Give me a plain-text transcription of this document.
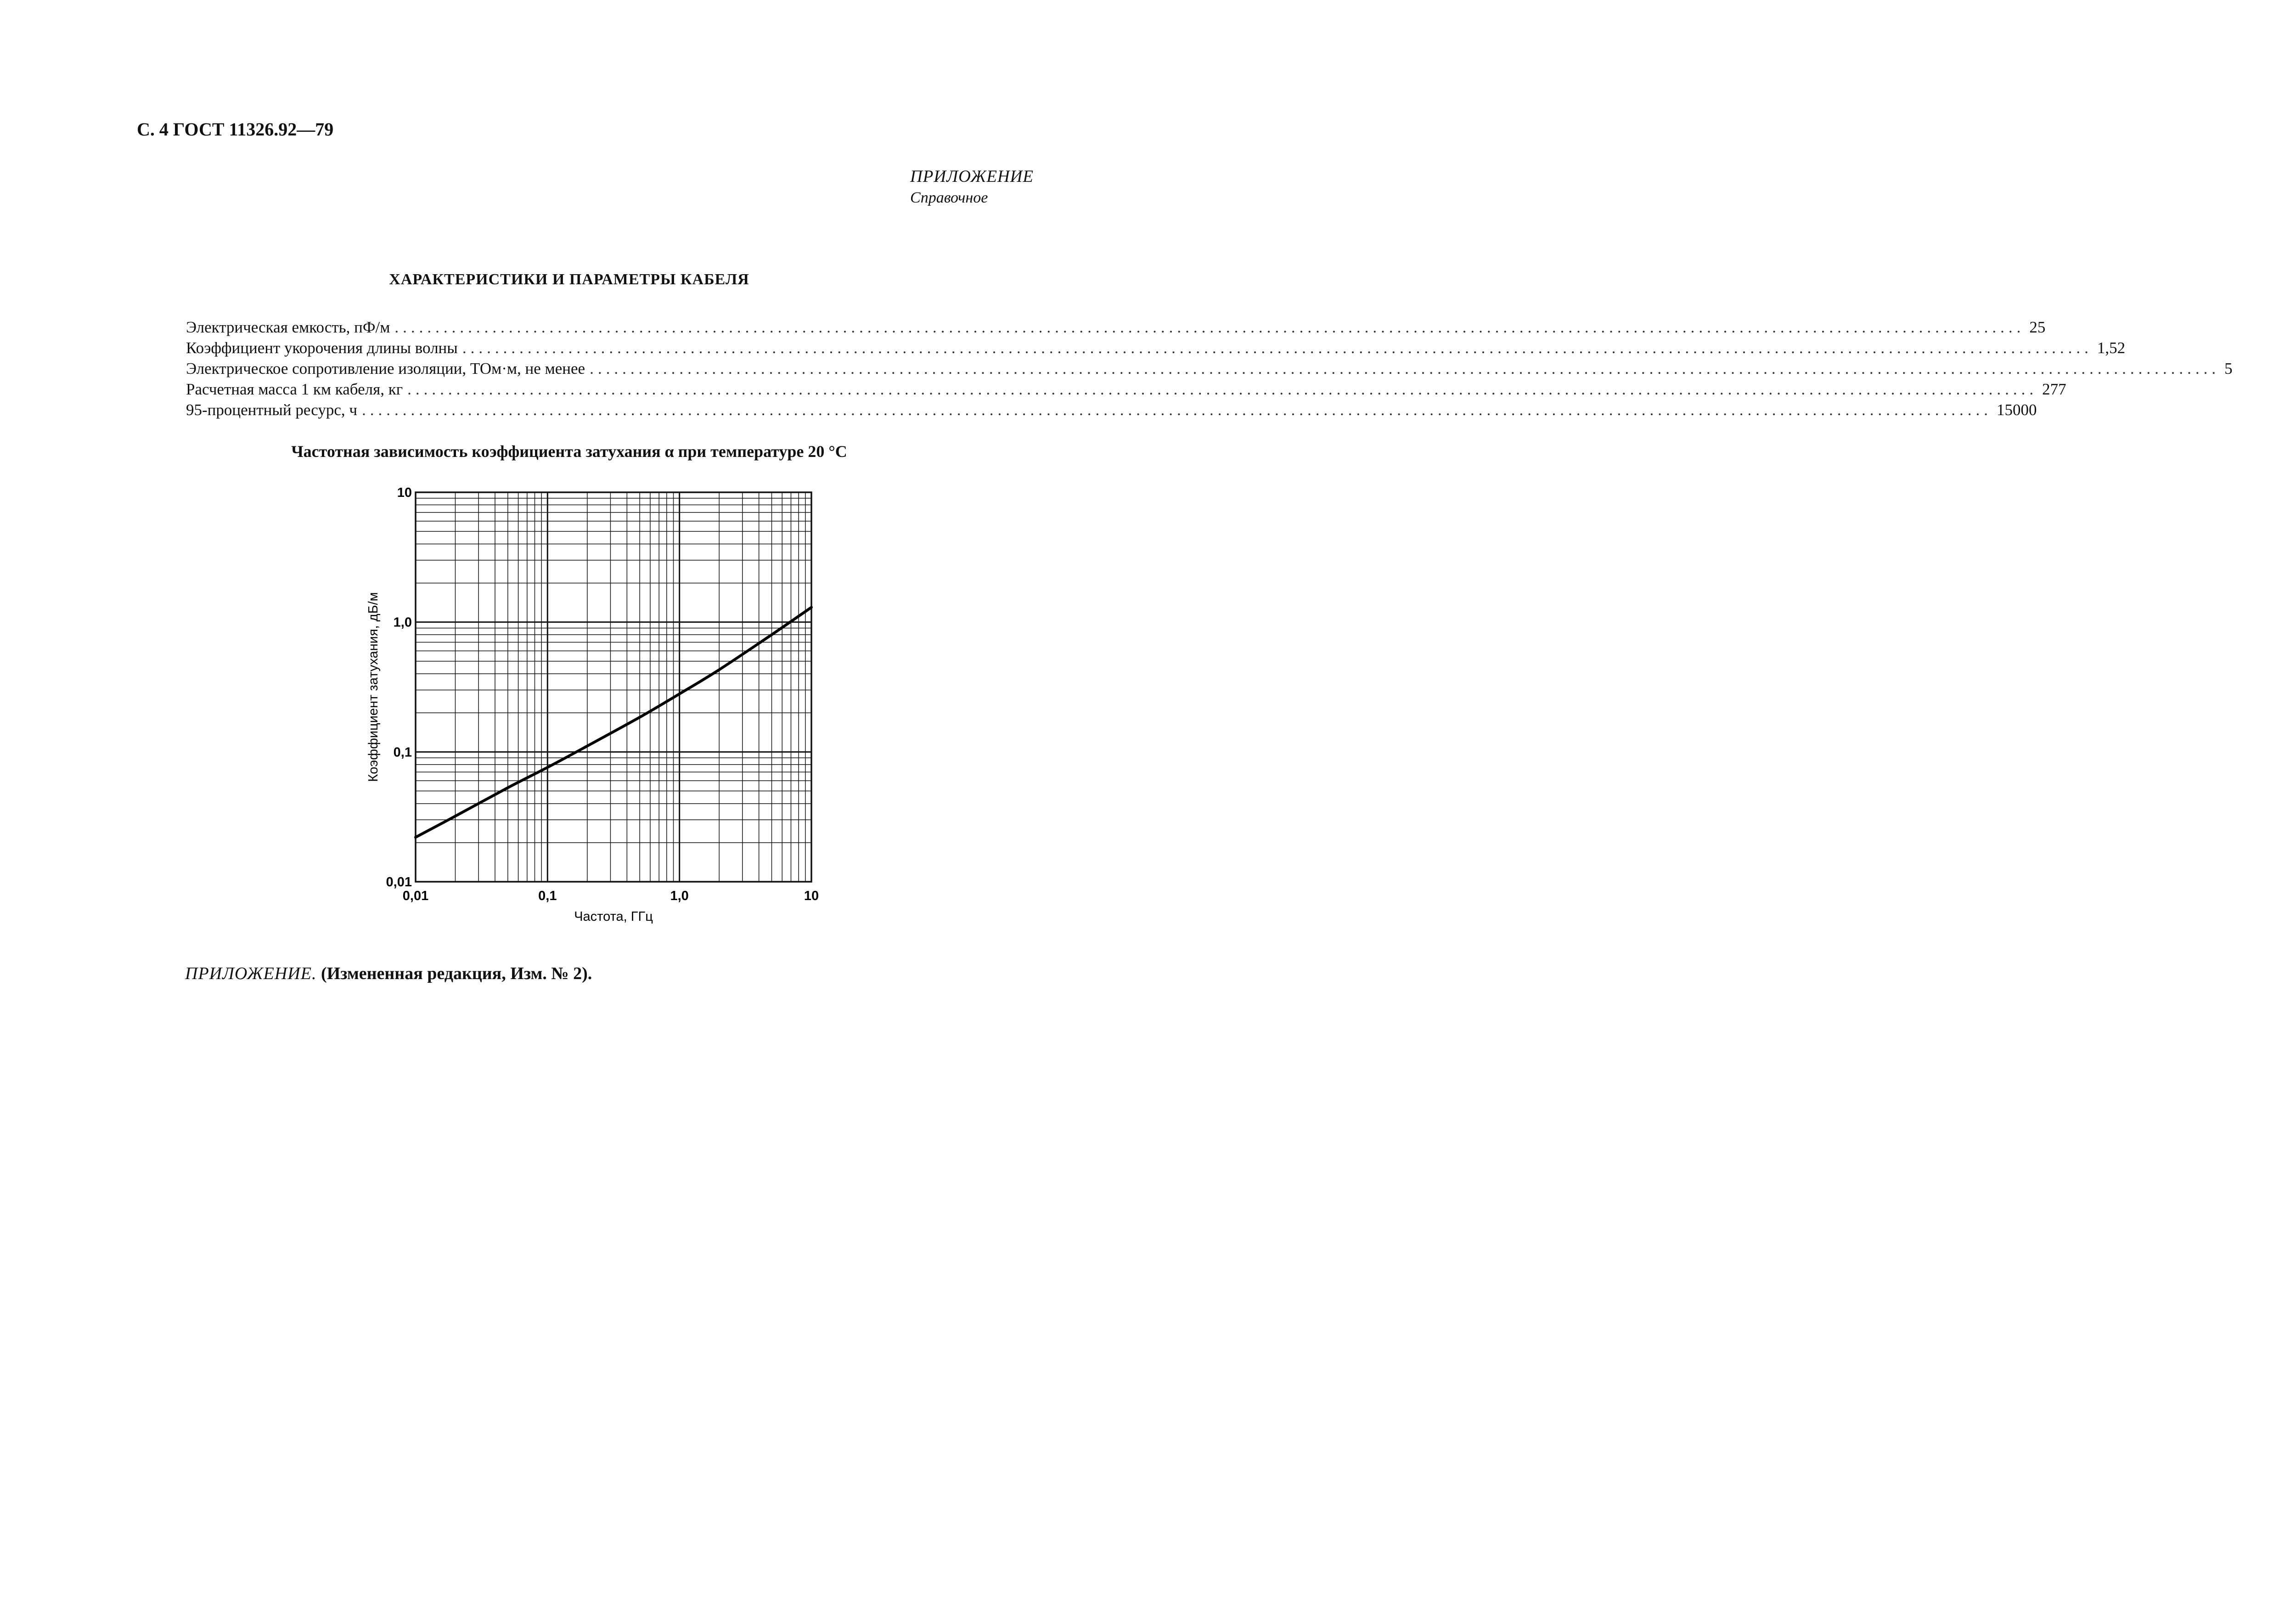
С. 4 ГОСТ 11326.92—79
ПРИЛОЖЕНИЕ
Справочное
ХАРАКТЕРИСТИКИ И ПАРАМЕТРЫ КАБЕЛЯ
Электрическая емкость, пФ/м ........................................................................................................................................................................................................ 25
Коэффициент укорочения длины волны ........................................................................................................................................................................................................ 1,52
Электрическое сопротивление изоляции, ТОм·м, не менее ........................................................................................................................................................................................................ 5
Расчетная масса 1 км кабеля, кг ........................................................................................................................................................................................................ 277
95-процентный ресурс, ч ........................................................................................................................................................................................................ 15000
Частотная зависимость коэффициента затухания α при температуре 20 °С
0,01	0,1	1,0	10
0,01
0,1
1,0
10
Частота, ГГц
Коэффициент затухания, дБ/м
ПРИЛОЖЕНИЕ. (Измененная редакция, Изм. № 2).
